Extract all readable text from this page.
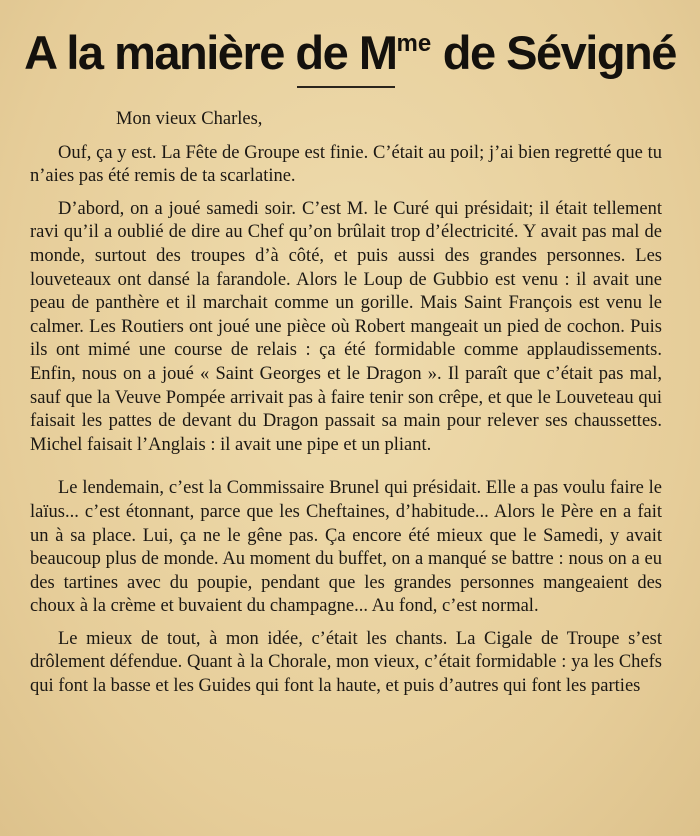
A la manière de $M^{me}$ de Sévigné

Mon vieux Charles,

Ouf, ça y est. La Fête de Groupe est finie. C’était au poil; j’ai bien regretté que tu n’aies pas été remis de ta scarlatine.

D’abord, on a joué samedi soir. C’est M. le Curé qui présidait; il était tellement ravi qu’il a oublié de dire au Chef qu’on brûlait trop d’électricité. Y avait pas mal de monde, surtout des troupes d’à côté, et puis aussi des grandes personnes. Les louveteaux ont dansé la farandole. Alors le Loup de Gubbio est venu : il avait une peau de panthère et il marchait comme un gorille. Mais Saint François est venu le calmer. Les Routiers ont joué une pièce où Robert mangeait un pied de cochon. Puis ils ont mimé une course de relais : ça été formidable comme applaudissements. Enfin, nous on a joué « Saint Georges et le Dragon ». Il paraît que c’était pas mal, sauf que la Veuve Pompée arrivait pas à faire tenir son crêpe, et que le Louveteau qui faisait les pattes de devant du Dragon passait sa main pour relever ses chaussettes. Michel faisait l’Anglais : il avait une pipe et un pliant.

Le lendemain, c’est la Commissaire Brunel qui présidait. Elle a pas voulu faire le laïus... c’est étonnant, parce que les Cheftaines, d’habitude... Alors le Père en a fait un à sa place. Lui, ça ne le gêne pas. Ça encore été mieux que le Samedi, y avait beaucoup plus de monde. Au moment du buffet, on a manqué se battre : nous on a eu des tartines avec du poupie, pendant que les grandes personnes mangeaient des choux à la crème et buvaient du champagne... Au fond, c’est normal.

Le mieux de tout, à mon idée, c’était les chants. La Cigale de Troupe s’est drôlement défendue. Quant à la Chorale, mon vieux, c’était formidable : ya les Chefs qui font la basse et les Guides qui font la haute, et puis d’autres qui font les parties
